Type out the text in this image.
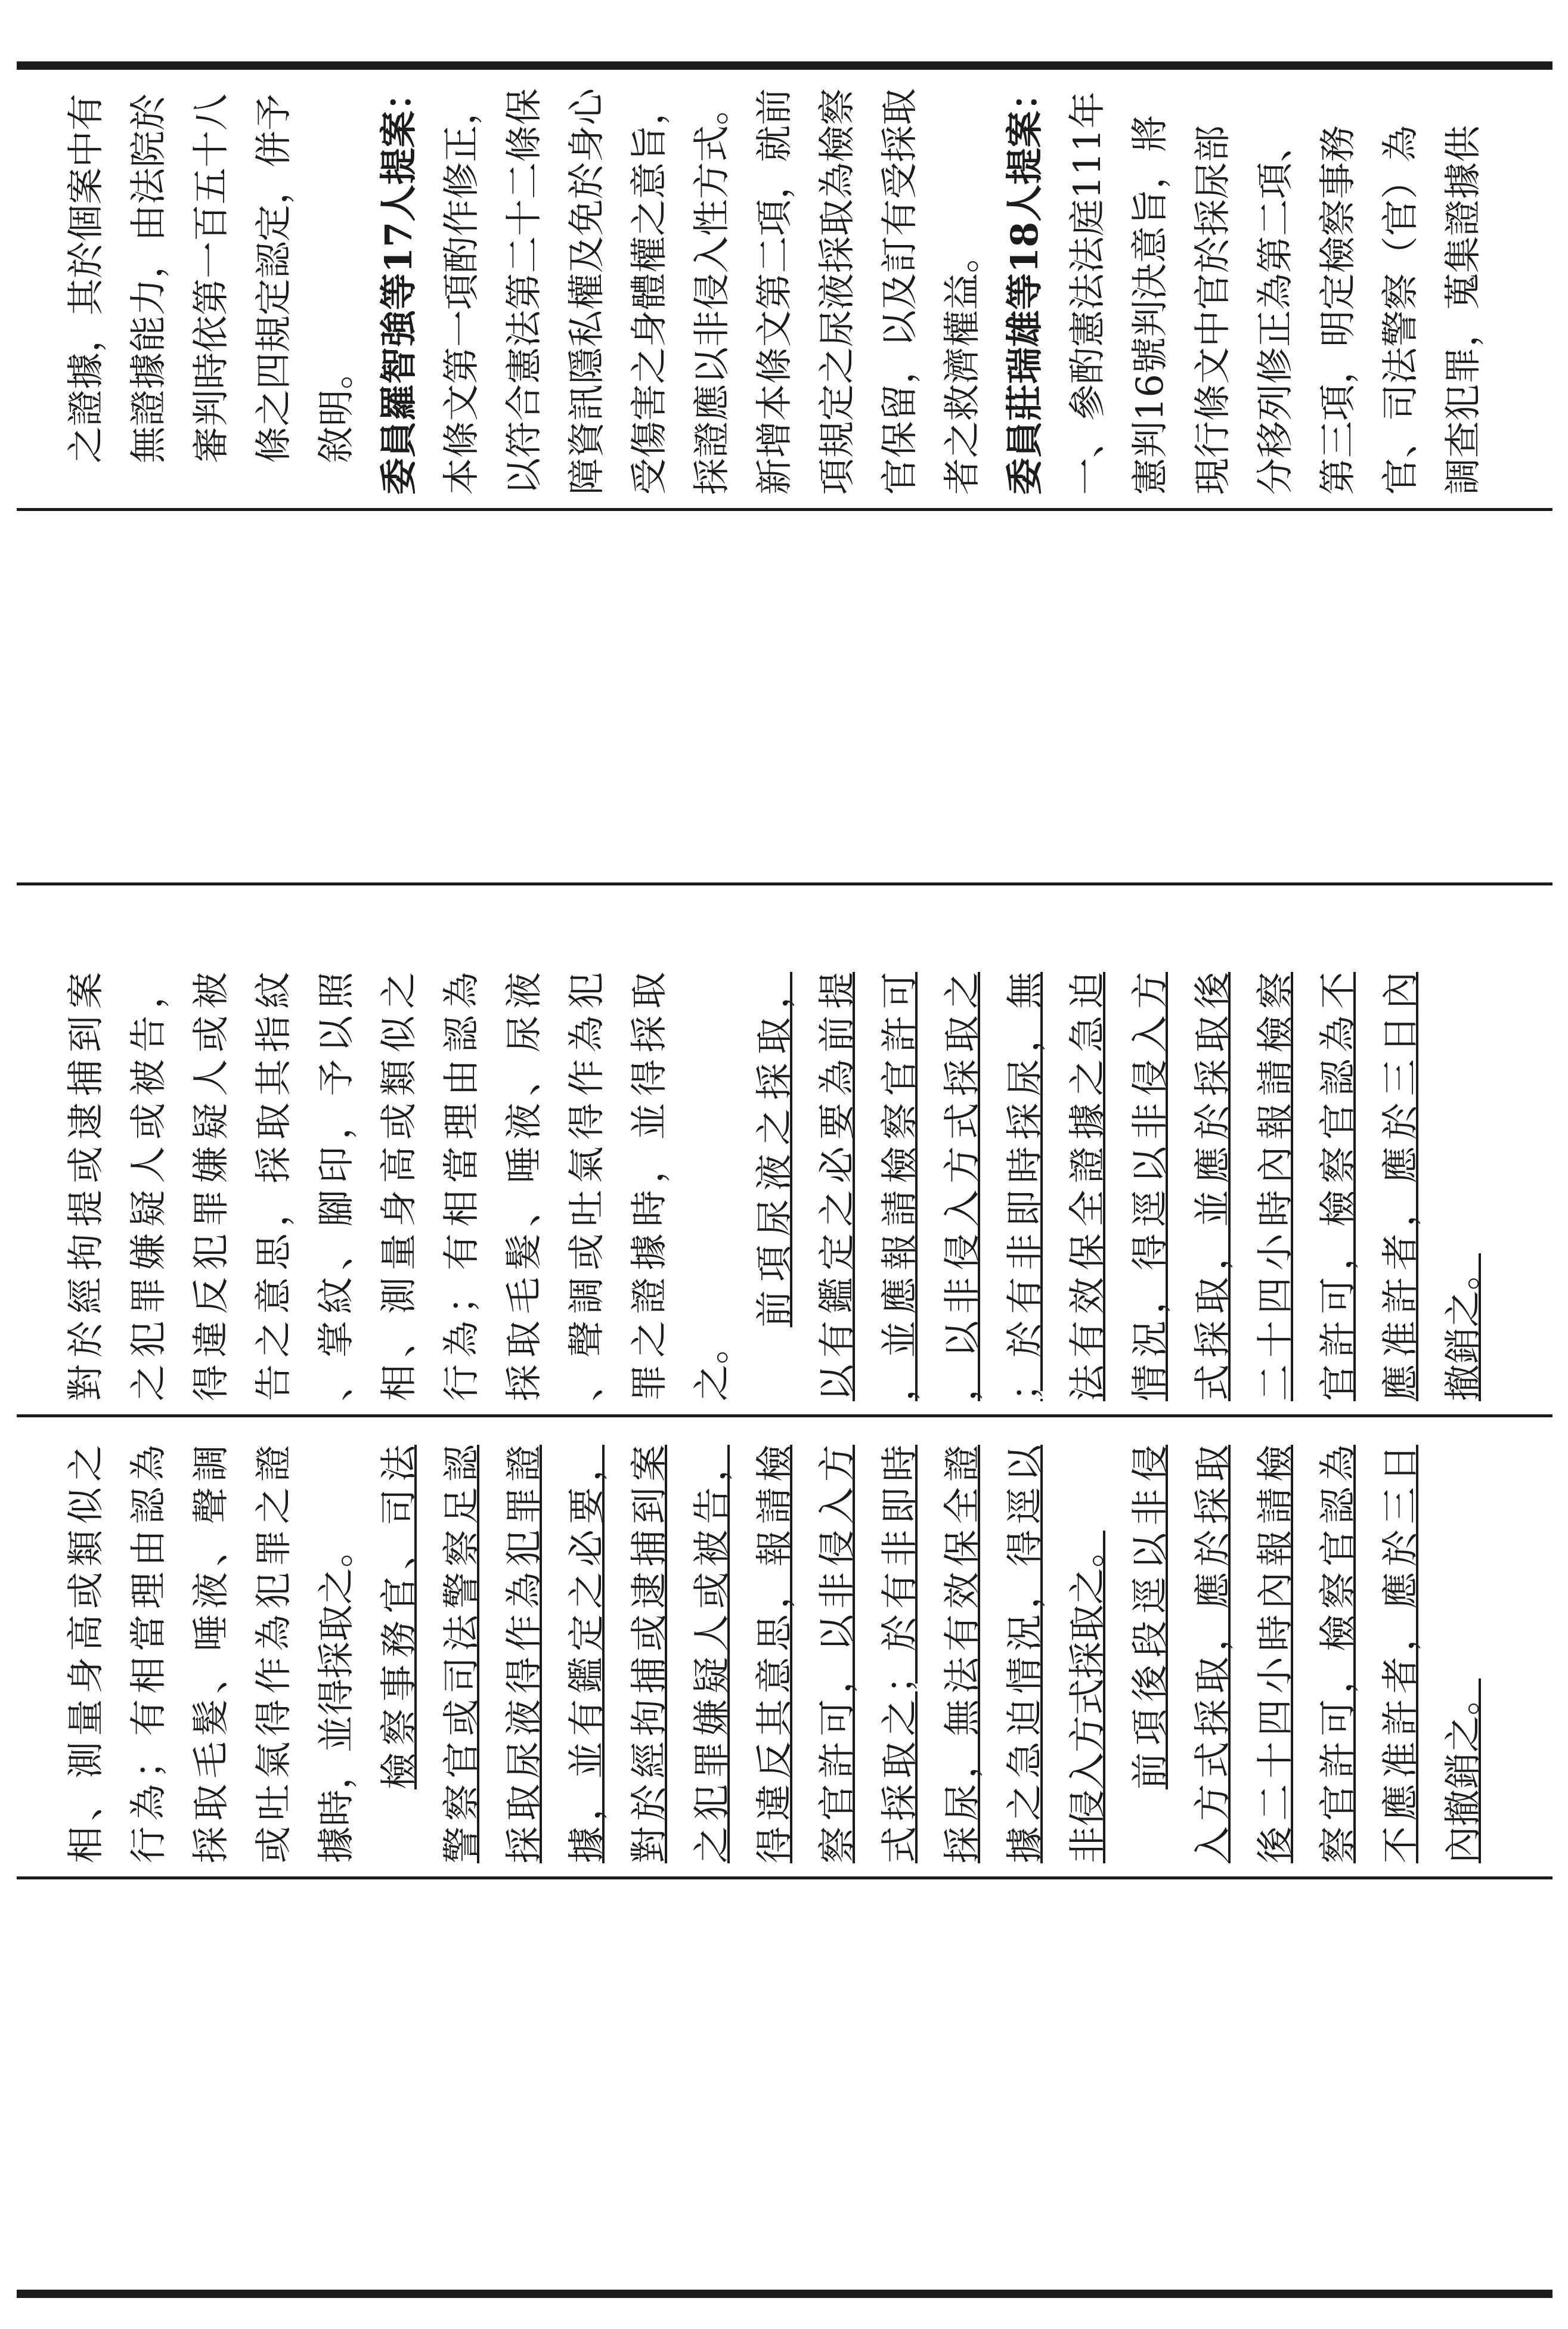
之證據，其於個案中有 無證據能力，由法院於 審判時依第一百五十八 條之四規定認定，併予 敘明。 委員羅智強等17人提案： 本條文第一項酌作修正， 以符合憲法第二十二條保 障資訊隱私權及免於身心 受傷害之身體權之意旨， 採證應以非侵入性方式。 新增本條文第二項，就前 項規定之尿液採取為檢察 官保留，以及訂有受採取 者之救濟權益。 委員莊瑞雄等18人提案： 一、參酌憲法法庭111年 憲判16號判決意旨，將 現行條文中官於採尿部 分移列修正為第二項、 第三項，明定檢察事務 官、司法警察（官）為 調查犯罪，蒐集證據供
對於經拘提或逮捕到案 之犯罪嫌疑人或被告， 得違反犯罪嫌疑人或被 告之意思，採取其指紋 、掌紋、腳印，予以照 相、測量身高或類似之 行為；有相當理由認為 採取毛髮、唾液、尿液 、聲調或吐氣得作為犯 罪之證據時，並得採取 之。
前項尿液之採取， 以有鑑定之必要為前提 ，並應報請檢察官許可 ，以非侵入方式採取之 ；於有非即時採尿，無 法有效保全證據之急迫 情況，得逕以非侵入方 式採取，並應於採取後 二十四小時內報請檢察 官許可，檢察官認為不 應准許者，應於三日內 撤銷之。
相、測量身高或類似之 行為；有相當理由認為 採取毛髮、唾液、聲調 或吐氣得作為犯罪之證 據時，並得採取之。 檢察事務官、司法 警察官或司法警察足認 採取尿液得作為犯罪證 據，並有鑑定之必要， 對於經拘捕或逮捕到案 之犯罪嫌疑人或被告， 得違反其意思，報請檢 察官許可，以非侵入方 式採取之；於有非即時 採尿，無法有效保全證 據之急迫情況，得逕以 非侵入方式採取之。 前項後段逕以非侵 入方式採取，應於採取 後二十四小時內報請檢 察官許可，檢察官認為 不應准許者，應於三日 內撤銷之。
